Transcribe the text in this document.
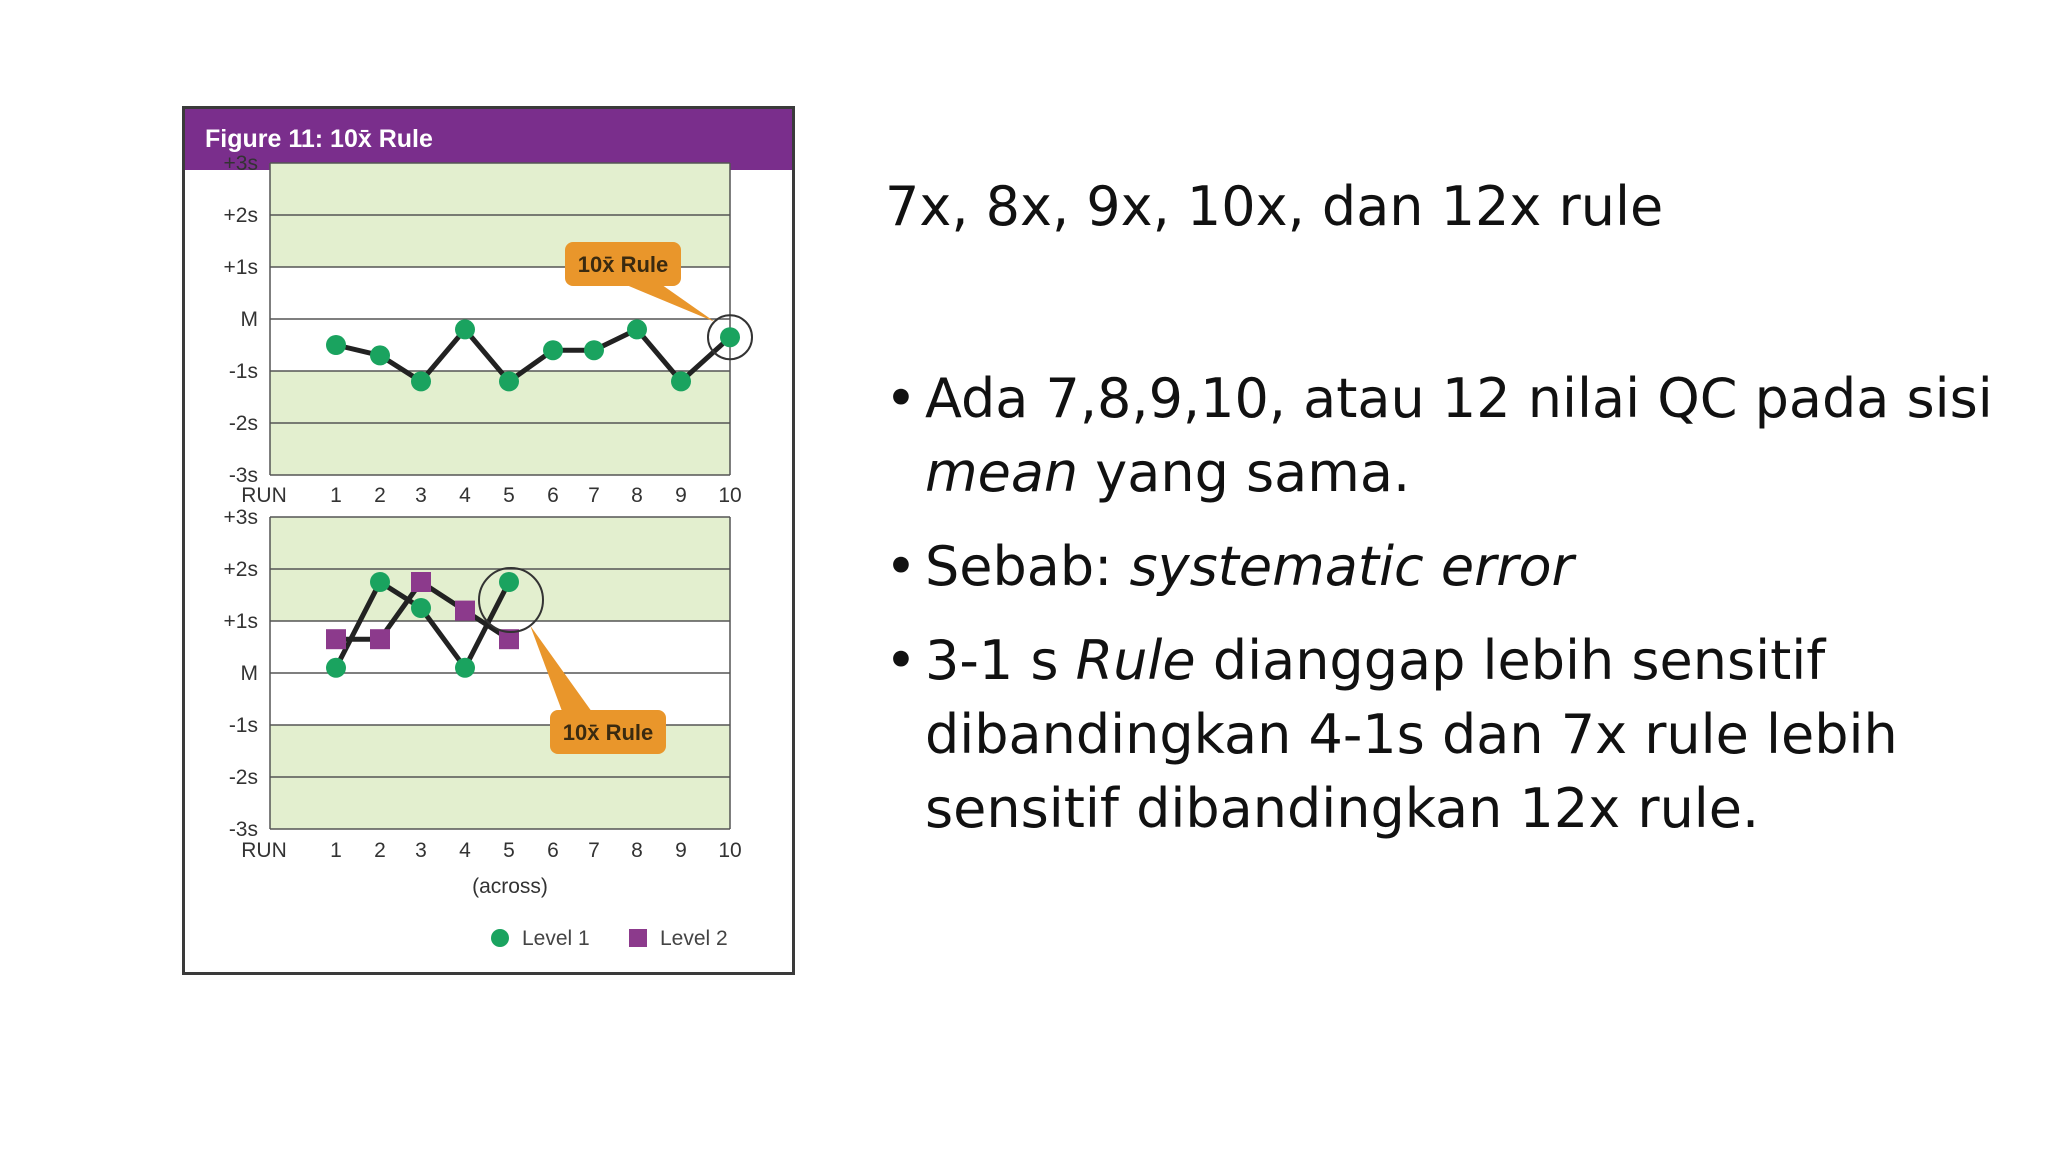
Figure 11: 10x̄ Rule
+3s
+2s
+1s
M
-1s
-2s
-3s
RUN 1 2 3 4 5 6 7 8 9 10
10x̄ Rule
+3s
+2s
+1s
M
-1s
-2s
-3s
RUN 1 2 3 4 5 6 7 8 9 10
(across)
10x̄ Rule
Level 1	Level 2
7x, 8x, 9x, 10x, dan 12x rule
• Ada 7,8,9,10, atau 12 nilai QC pada sisi mean yang sama.
• Sebab: systematic error
• 3-1 s Rule dianggap lebih sensitif dibandingkan 4-1s dan 7x rule lebih sensitif dibandingkan 12x rule.
